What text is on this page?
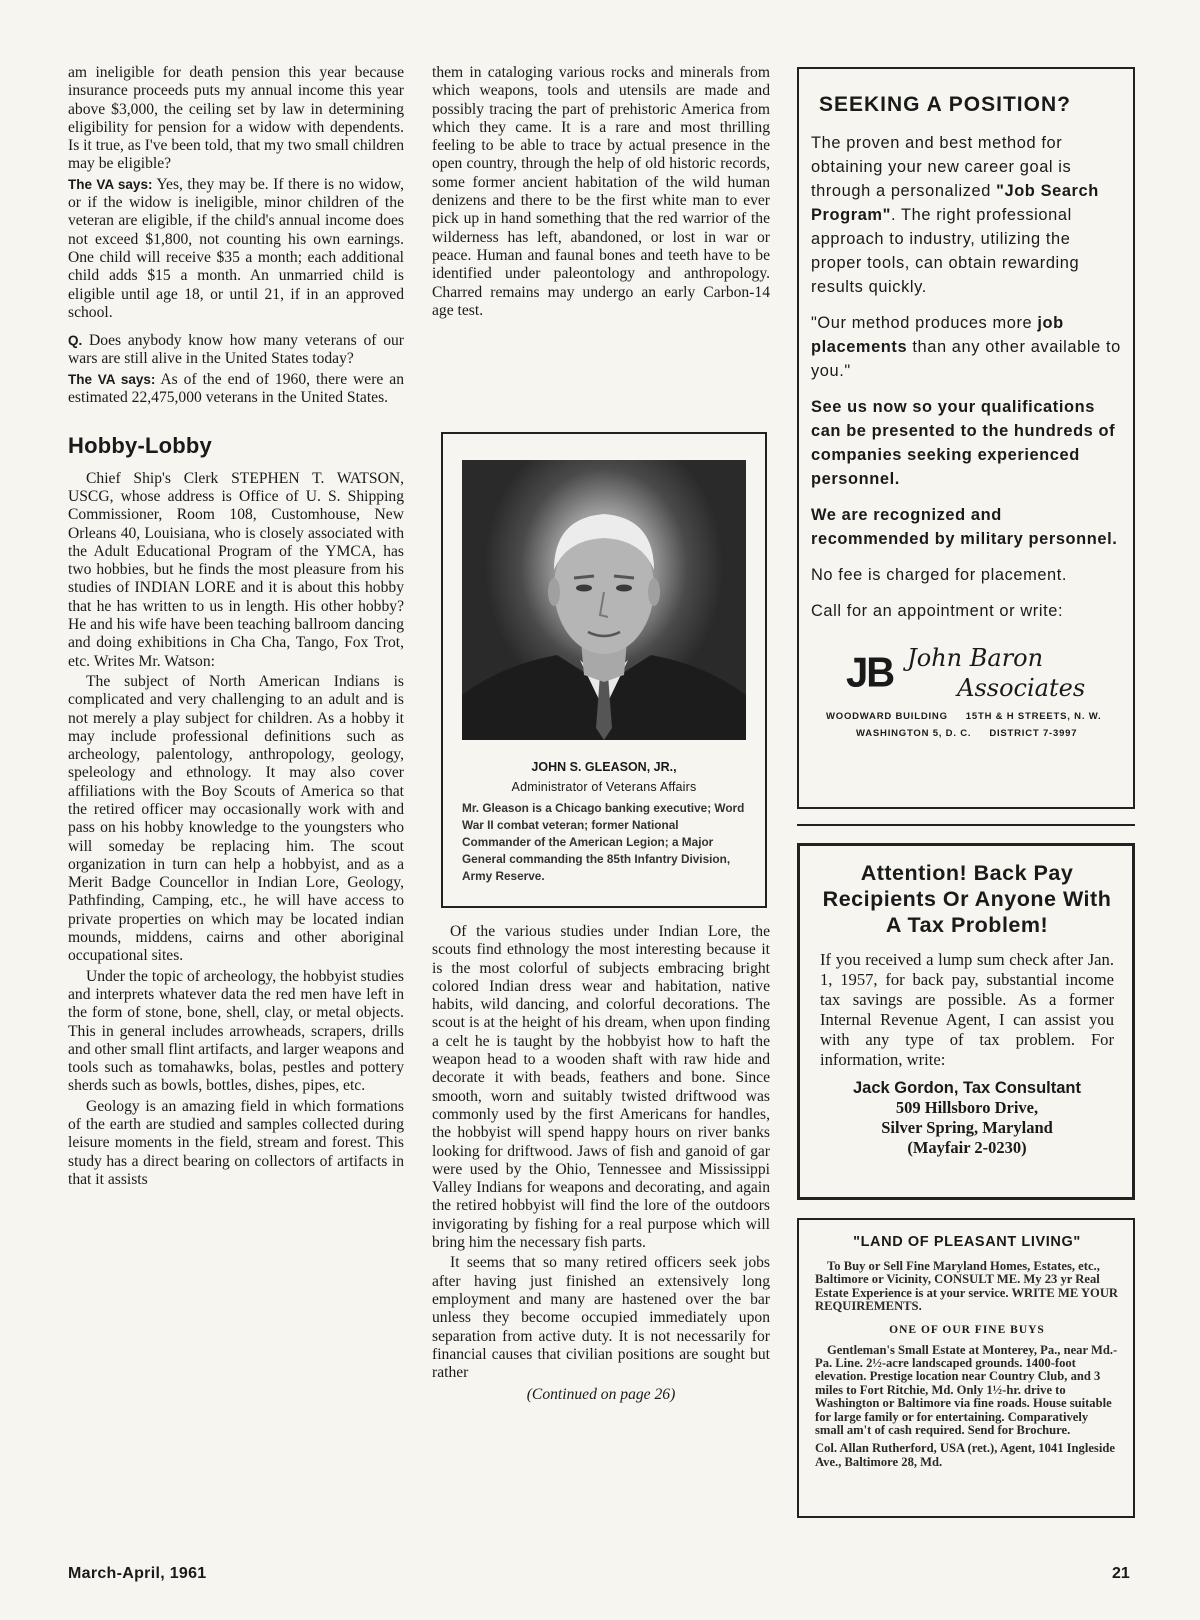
am ineligible for death pension this year because insurance proceeds puts my annual income this year above $3,000, the ceiling set by law in determining eligibility for pension for a widow with dependents. Is it true, as I've been told, that my two small children may be eligible?

The VA says: Yes, they may be. If there is no widow, or if the widow is ineligible, minor children of the veteran are eligible, if the child's annual income does not exceed $1,800, not counting his own earnings. One child will receive $35 a month; each additional child adds $15 a month. An unmarried child is eligible until age 18, or until 21, if in an approved school.

Q. Does anybody know how many veterans of our wars are still alive in the United States today?

The VA says: As of the end of 1960, there were an estimated 22,475,000 veterans in the United States.

Hobby-Lobby

Chief Ship's Clerk STEPHEN T. WATSON, USCG, whose address is Office of U. S. Shipping Commissioner, Room 108, Customhouse, New Orleans 40, Louisiana, who is closely associated with the Adult Educational Program of the YMCA, has two hobbies, but he finds the most pleasure from his studies of INDIAN LORE and it is about this hobby that he has written to us in length. His other hobby? He and his wife have been teaching ballroom dancing and doing exhibitions in Cha Cha, Tango, Fox Trot, etc. Writes Mr. Watson:

The subject of North American Indians is complicated and very challenging to an adult and is not merely a play subject for children. As a hobby it may include professional definitions such as archeology, palentology, anthropology, geology, speleology and ethnology. It may also cover affiliations with the Boy Scouts of America so that the retired officer may occasionally work with and pass on his hobby knowledge to the youngsters who will someday be replacing him. The scout organization in turn can help a hobbyist, and as a Merit Badge Councellor in Indian Lore, Geology, Pathfinding, Camping, etc., he will have access to private properties on which may be located indian mounds, middens, cairns and other aboriginal occupational sites.

Under the topic of archeology, the hobbyist studies and interprets whatever data the red men have left in the form of stone, bone, shell, clay, or metal objects. This in general includes arrowheads, scrapers, drills and other small flint artifacts, and larger weapons and tools such as tomahawks, bolas, pestles and pottery sherds such as bowls, bottles, dishes, pipes, etc.

Geology is an amazing field in which formations of the earth are studied and samples collected during leisure moments in the field, stream and forest. This study has a direct bearing on collectors of artifacts in that it assists

them in cataloging various rocks and minerals from which weapons, tools and utensils are made and possibly tracing the part of prehistoric America from which they came. It is a rare and most thrilling feeling to be able to trace by actual presence in the open country, through the help of old historic records, some former ancient habitation of the wild human denizens and there to be the first white man to ever pick up in hand something that the red warrior of the wilderness has left, abandoned, or lost in war or peace. Human and faunal bones and teeth have to be identified under paleontology and anthropology. Charred remains may undergo an early Carbon-14 age test.

JOHN S. GLEASON, JR.,
Administrator of Veterans Affairs
Mr. Gleason is a Chicago banking executive; Word War II combat veteran; former National Commander of the American Legion; a Major General commanding the 85th Infantry Division, Army Reserve.

Of the various studies under Indian Lore, the scouts find ethnology the most interesting because it is the most colorful of subjects embracing bright colored Indian dress wear and habitation, native habits, wild dancing, and colorful decorations. The scout is at the height of his dream, when upon finding a celt he is taught by the hobbyist how to haft the weapon head to a wooden shaft with raw hide and decorate it with beads, feathers and bone. Since smooth, worn and suitably twisted driftwood was commonly used by the first Americans for handles, the hobbyist will spend happy hours on river banks looking for driftwood. Jaws of fish and ganoid of gar were used by the Ohio, Tennessee and Mississippi Valley Indians for weapons and decorating, and again the retired hobbyist will find the lore of the outdoors invigorating by fishing for a real purpose which will bring him the necessary fish parts.

It seems that so many retired officers seek jobs after having just finished an extensively long employment and many are hastened over the bar unless they become occupied immediately upon separation from active duty. It is not necessarily for financial causes that civilian positions are sought but rather

(Continued on page 26)
SEEKING A POSITION?

The proven and best method for obtaining your new career goal is through a personalized "Job Search Program". The right professional approach to industry, utilizing the proper tools, can obtain rewarding results quickly.

"Our method produces more job placements than any other available to you."

See us now so your qualifications can be presented to the hundreds of companies seeking experienced personnel.

We are recognized and recommended by military personnel.

No fee is charged for placement.

Call for an appointment or write:

JB John Baron
Associates
WOODWARD BUILDING 15TH & H STREETS, N. W.
WASHINGTON 5, D. C. DISTRICT 7-3997
Attention! Back Pay Recipients Or Anyone With A Tax Problem!

If you received a lump sum check after Jan. 1, 1957, for back pay, substantial income tax savings are possible. As a former Internal Revenue Agent, I can assist you with any type of tax problem. For information, write:

Jack Gordon, Tax Consultant
509 Hillsboro Drive,
Silver Spring, Maryland
(Mayfair 2-0230)
"LAND OF PLEASANT LIVING"

To Buy or Sell Fine Maryland Homes, Estates, etc., Baltimore or Vicinity, CONSULT ME. My 23 yr Real Estate Experience is at your service. WRITE ME YOUR REQUIREMENTS.

ONE OF OUR FINE BUYS

Gentleman's Small Estate at Monterey, Pa., near Md.-Pa. Line. 2½-acre landscaped grounds. 1400-foot elevation. Prestige location near Country Club, and 3 miles to Fort Ritchie, Md. Only 1½-hr. drive to Washington or Baltimore via fine roads. House suitable for large family or for entertaining. Comparatively small am't of cash required. Send for Brochure.

Col. Allan Rutherford, USA (ret.), Agent, 1041 Ingleside Ave., Baltimore 28, Md.

March-April, 1961	21
